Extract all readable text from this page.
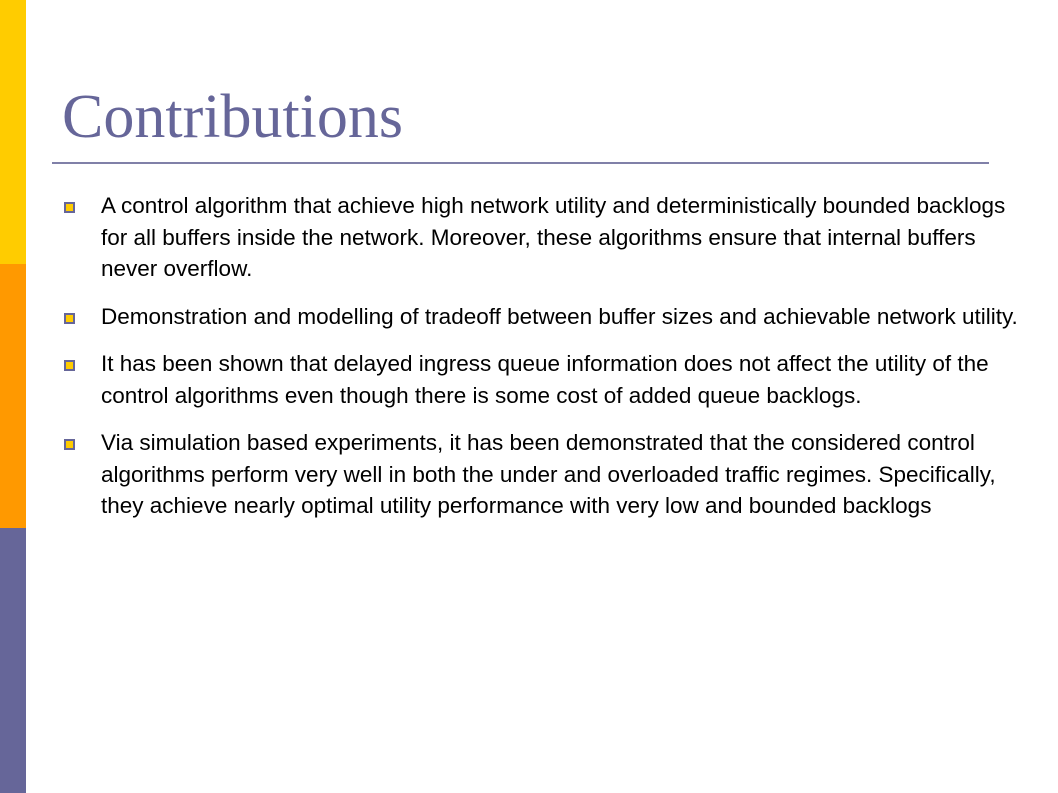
Contributions
A control algorithm that achieve high network utility and deterministically bounded backlogs for all buffers inside the network. Moreover, these algorithms ensure that internal buffers never overflow.
Demonstration and modelling of tradeoff between buffer sizes and achievable network utility.
It has been shown that delayed ingress queue information does not affect the utility of the control algorithms even though there is some cost of added queue backlogs.
Via simulation based experiments, it has been demonstrated that the considered control algorithms perform very well in both the under and overloaded traffic regimes. Specifically, they achieve nearly optimal utility performance with very low and bounded backlogs
